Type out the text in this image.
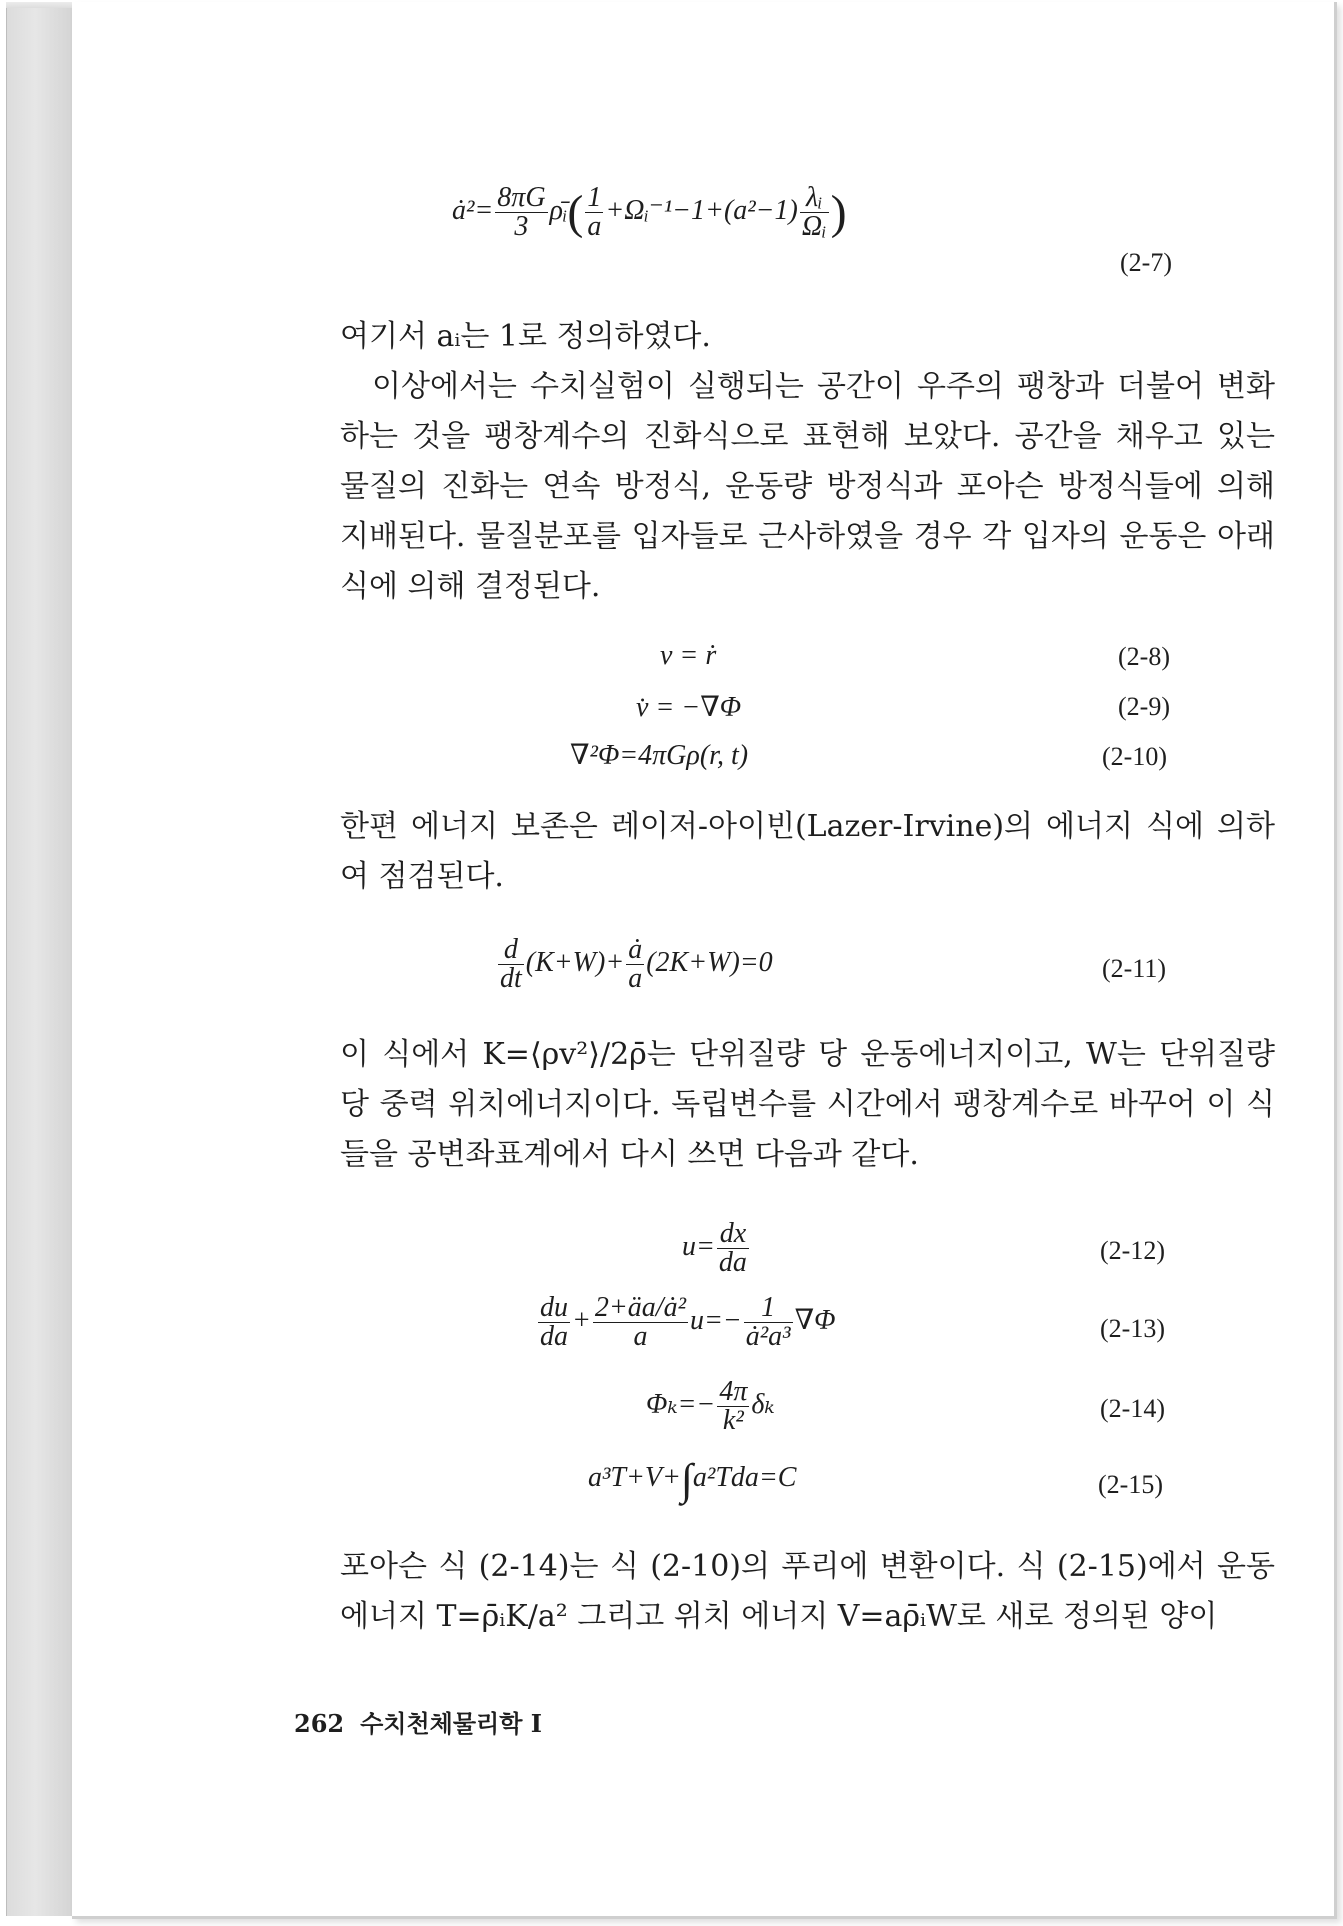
ȧ²= $\frac{8\pi G}{3}$ ρ̄ᵢ( $\frac{1}{a}$ +Ωᵢ⁻¹−1+(a²−1) $\frac{\text{λᵢ}}{\text{Ωᵢ}}$ )
(2-7)
여기서 aᵢ는 1로 정의하였다.
이상에서는 수치실험이 실행되는 공간이 우주의 팽창과 더불어 변화하는 것을 팽창계수의 진화식으로 표현해 보았다. 공간을 채우고 있는 물질의 진화는 연속 방정식, 운동량 방정식과 포아슨 방정식들에 의해 지배된다. 물질분포를 입자들로 근사하였을 경우 각 입자의 운동은 아래 식에 의해 결정된다.
v = ṙ	(2-8)
v̇ = −∇Φ	(2-9)
∇²Φ=4πGρ(r, t)	(2-10)
한편 에너지 보존은 레이저-아이빈(Lazer-Irvine)의 에너지 식에 의하여 점검된다.
$\frac{d}{dt} (K+W)+ \frac{ȧ}{a} (2K+W)=0$	(2-11)
이 식에서 K=⟨ρv²⟩/2ρ̄는 단위질량 당 운동에너지이고, W는 단위질량 당 중력 위치에너지이다. 독립변수를 시간에서 팽창계수로 바꾸어 이 식들을 공변좌표계에서 다시 쓰면 다음과 같다.
$u= \frac{dx}{da}$	(2-12)
$\frac{du}{da} + \frac{\text{2+äa/ȧ²}}{a} u=- \frac{1}{\text{ȧ²a³}} \nabla\Phi$	(2-13)
$\Phi_k=- \frac{4\pi}{\text{k²}}$ δₖ	(2-14)
a³T+V+∫a²Tda=C	(2-15)
포아슨 식 (2-14)는 식 (2-10)의 푸리에 변환이다. 식 (2-15)에서 운동에너지 T=ρ̄ᵢK/a² 그리고 위치 에너지 V=aρ̄ᵢW로 새로 정의된 양이
262 수치천체물리학 I
